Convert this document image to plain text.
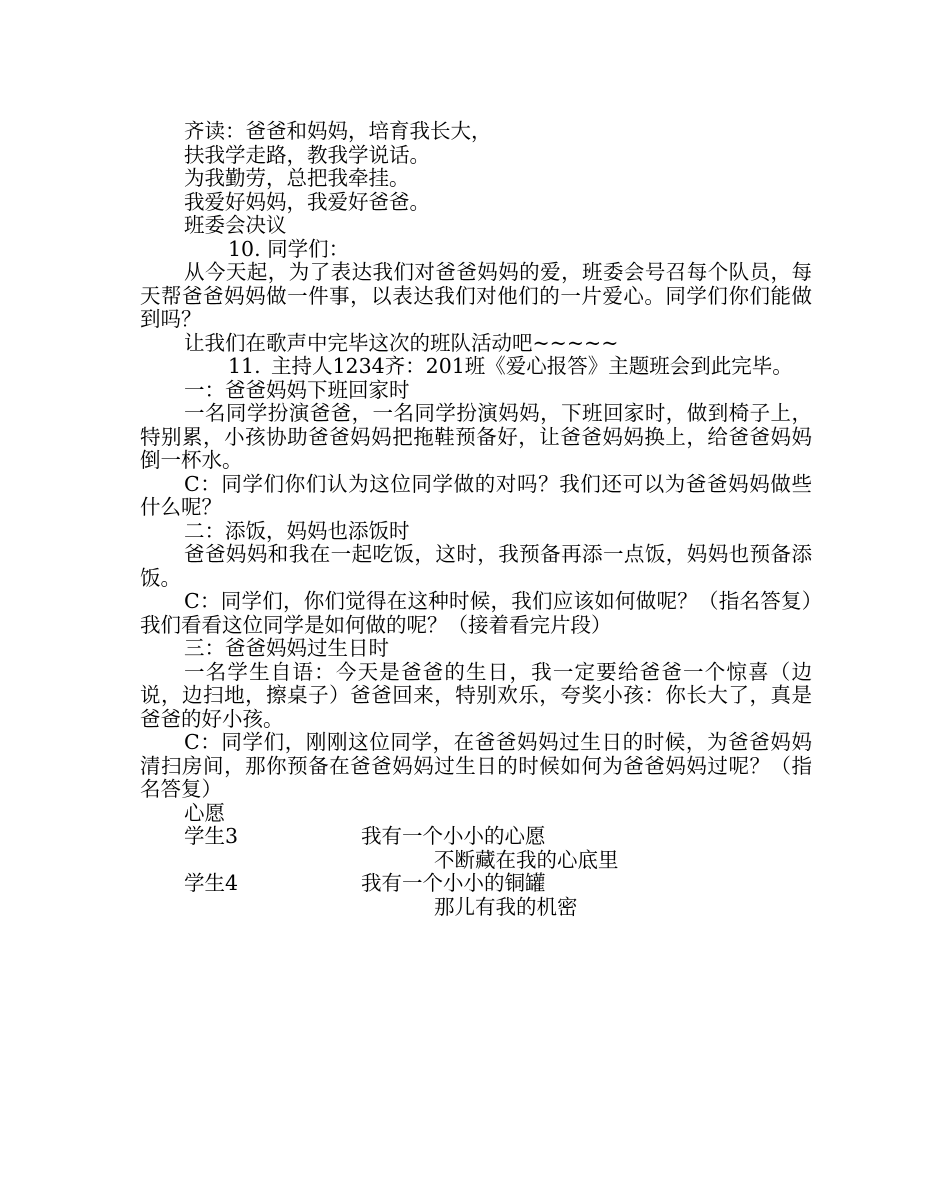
齐读：爸爸和妈妈，培育我长大，

扶我学走路，教我学说话。

为我勤劳，总把我牵挂。

我爱好妈妈，我爱好爸爸。

班委会决议

10. 同学们：

从今天起，为了表达我们对爸爸妈妈的爱，班委会号召每个队员，每天帮爸爸妈妈做一件事，以表达我们对他们的一片爱心。同学们你们能做到吗？

让我们在歌声中完毕这次的班队活动吧~~~~~

11. 主持人1234齐：201班《爱心报答》主题班会到此完毕。

一：爸爸妈妈下班回家时

一名同学扮演爸爸，一名同学扮演妈妈，下班回家时，做到椅子上，特别累，小孩协助爸爸妈妈把拖鞋预备好，让爸爸妈妈换上，给爸爸妈妈倒一杯水。

C：同学们你们认为这位同学做的对吗？我们还可以为爸爸妈妈做些什么呢？

二：添饭，妈妈也添饭时

爸爸妈妈和我在一起吃饭，这时，我预备再添一点饭，妈妈也预备添饭。

C：同学们，你们觉得在这种时候，我们应该如何做呢？（指名答复）我们看看这位同学是如何做的呢？（接着看完片段）

三：爸爸妈妈过生日时

一名学生自语：今天是爸爸的生日，我一定要给爸爸一个惊喜（边说，边扫地，擦桌子）爸爸回来，特别欢乐，夸奖小孩：你长大了，真是爸爸的好小孩。

C：同学们，刚刚这位同学，在爸爸妈妈过生日的时候，为爸爸妈妈清扫房间，那你预备在爸爸妈妈过生日的时候如何为爸爸妈妈过呢？（指名答复）

心愿

学生3	我有一个小小的心愿
不断藏在我的心底里
学生4	我有一个小小的铜罐
那儿有我的机密
